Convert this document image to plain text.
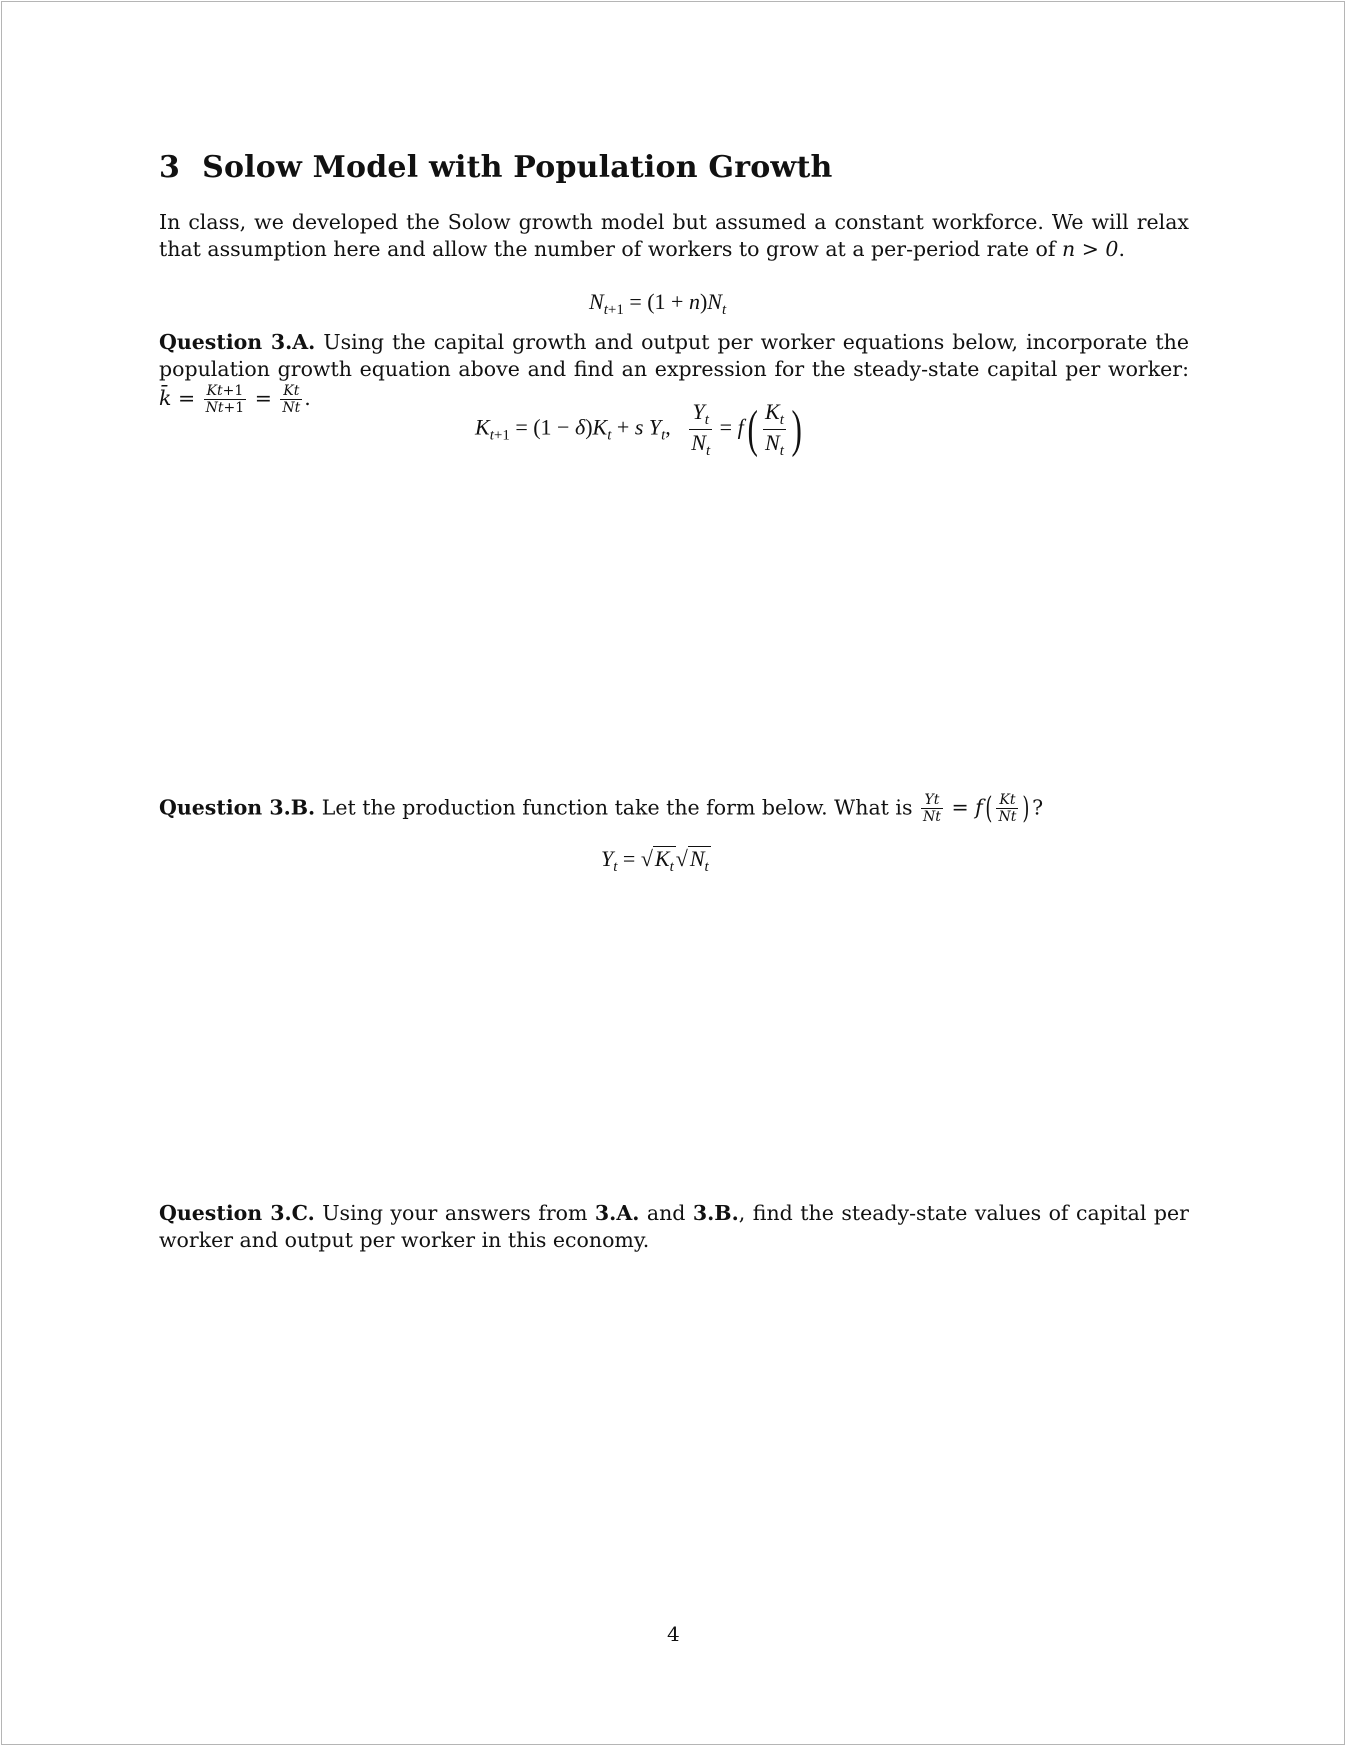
3 Solow Model with Population Growth
In class, we developed the Solow growth model but assumed a constant workforce. We will relax that assumption here and allow the number of workers to grow at a per-period rate of n > 0.
$N_{t+1} = (1 + n)N_t$
Question 3.A. Using the capital growth and output per worker equations below, incorporate the population growth equation above and find an expression for the steady-state capital per worker: k̄ = $\frac{Kt+1}{Nt+1} = \frac{Kt}{Nt}$ .
$K_{t+1} = (1 - \delta)K_t + s$ $Y_t$, $\frac{Y_t}{N_t} = f( \frac{K_t}{N_t}$ )
Question 3.B. Let the production function take the form below. What is $\frac{Yt}{Nt} = f( \frac{Kt}{Nt}$ ) ?
$Y_t = √K_t√N_t$
Question 3.C. Using your answers from 3.A. and 3.B., find the steady-state values of capital per worker and output per worker in this economy.
4
